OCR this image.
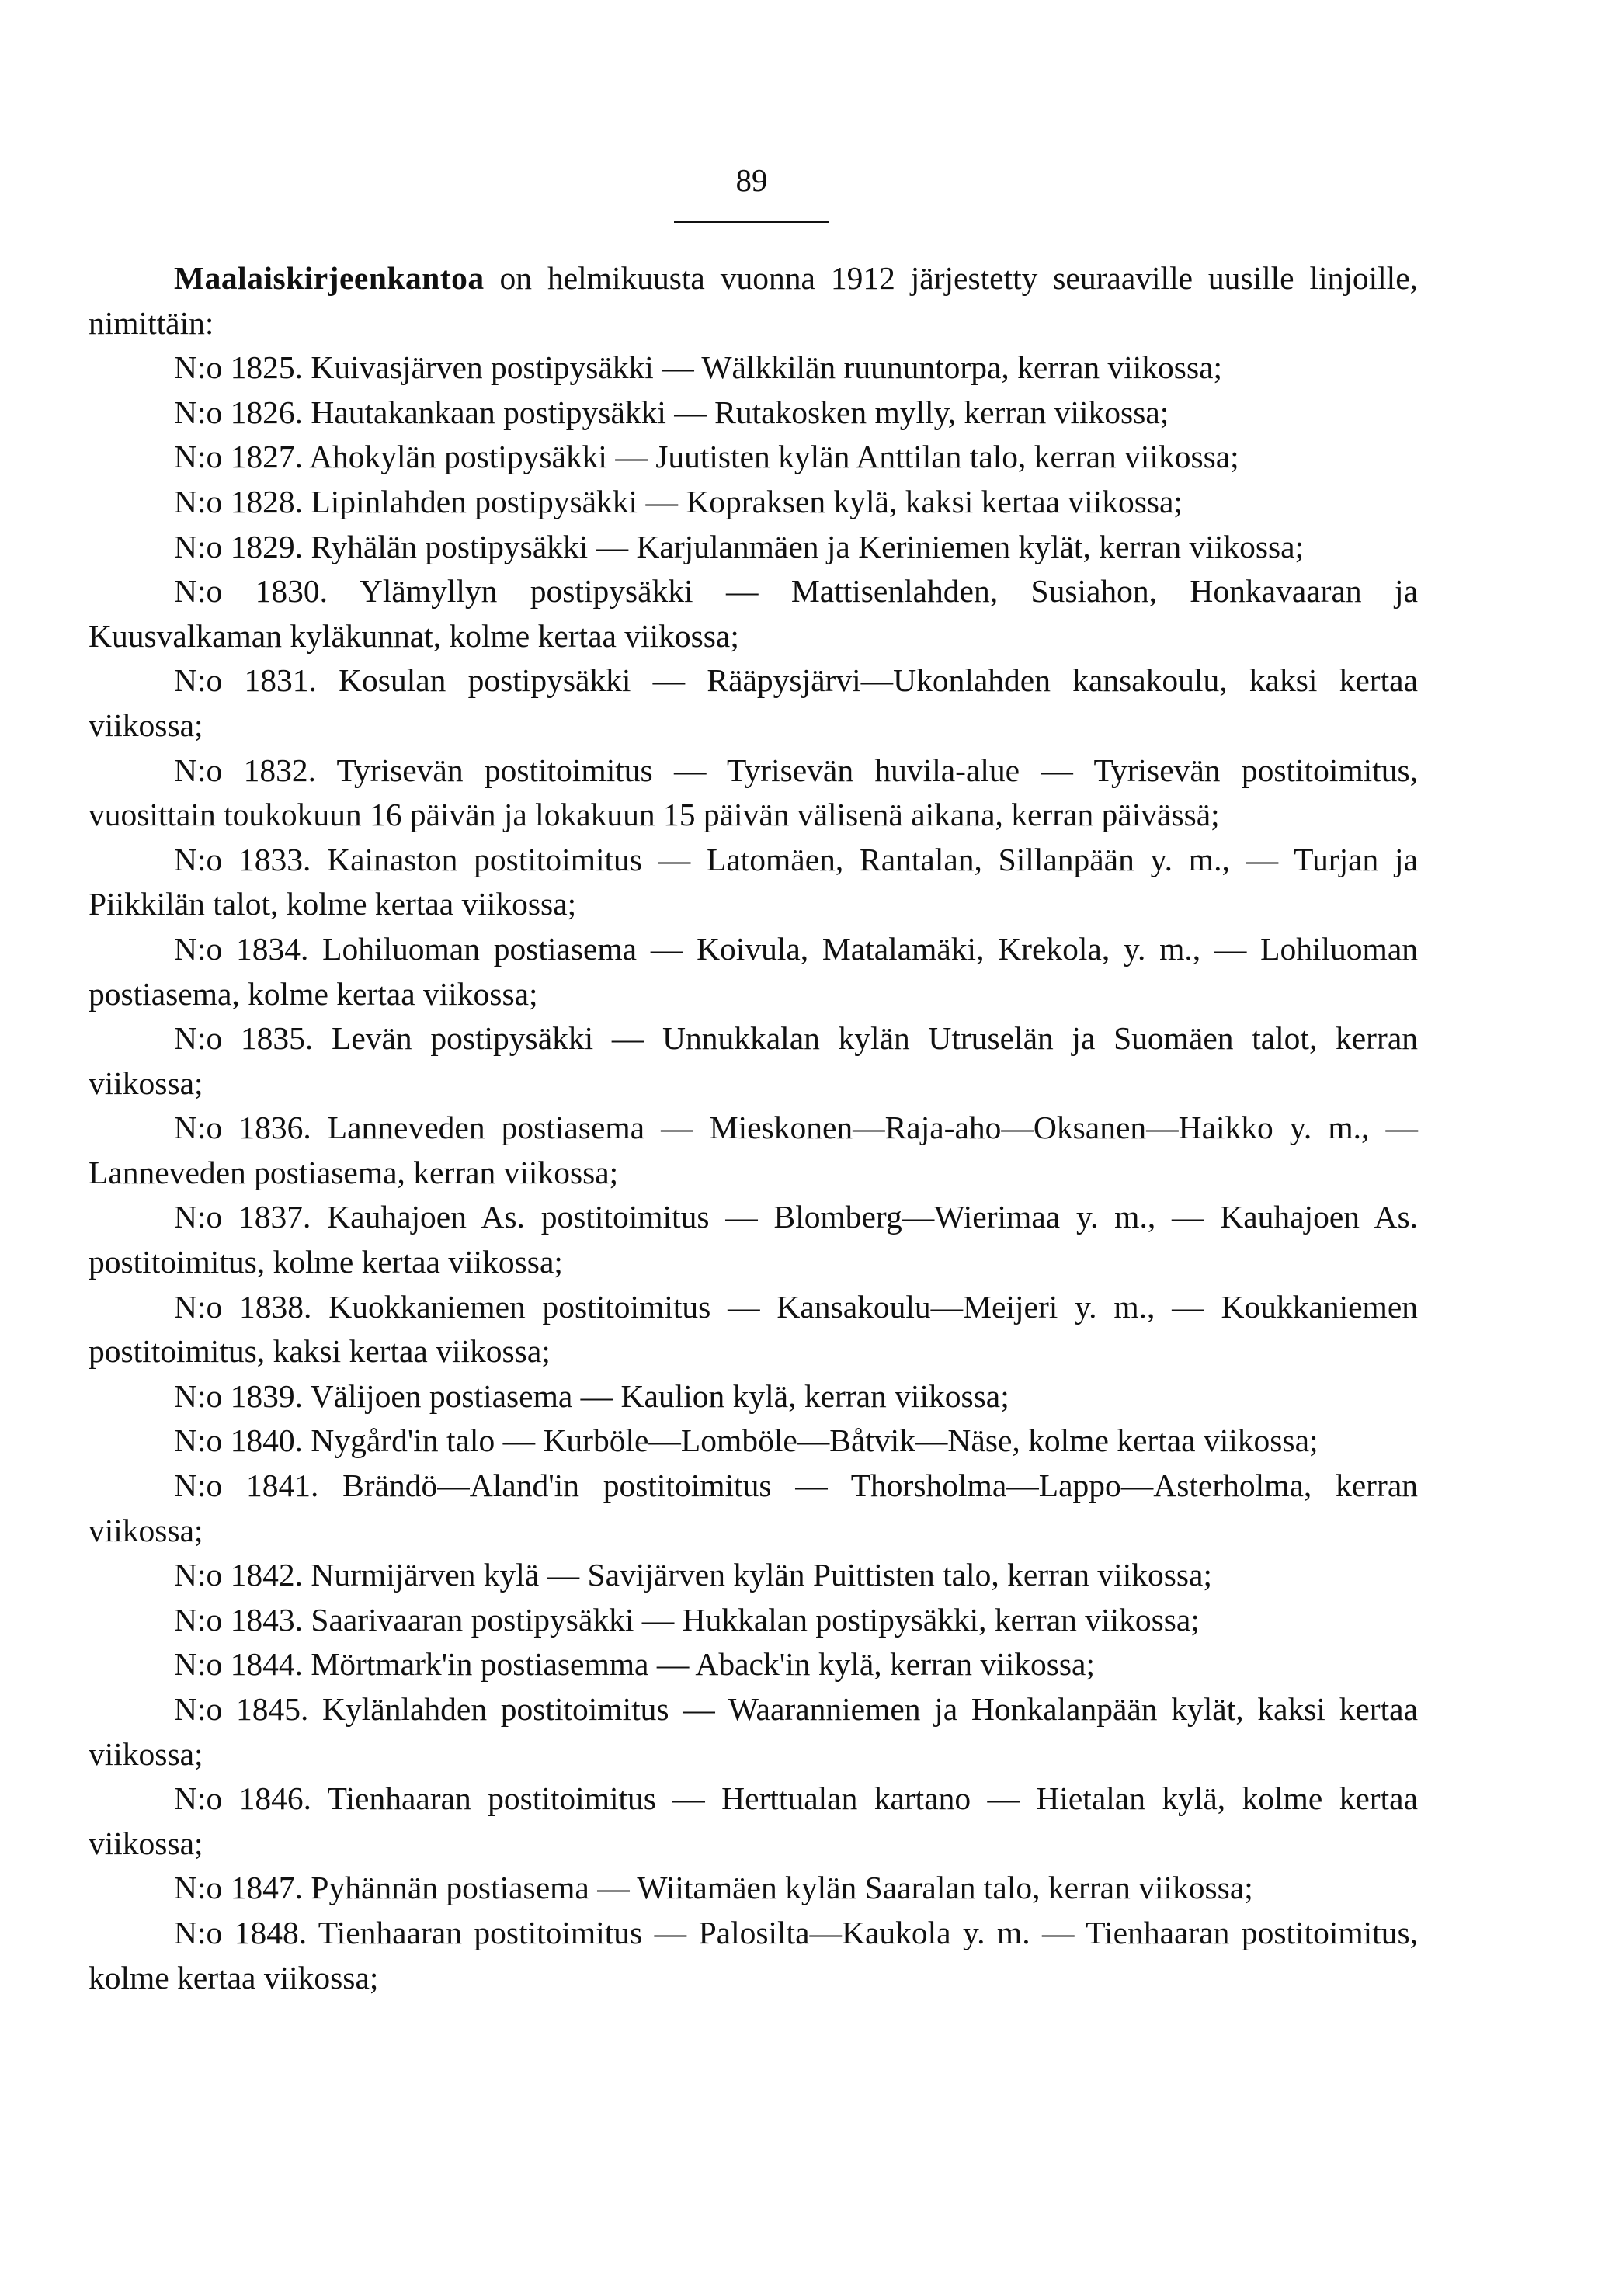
89

Maalaiskirjeenkantoa on helmikuusta vuonna 1912 järjestetty seuraaville uusille linjoille, nimittäin:

N:o 1825. Kuivasjärven postipysäkki — Wälkkilän ruununtorpa, kerran viikossa;

N:o 1826. Hautakankaan postipysäkki — Rutakosken mylly, kerran viikossa;

N:o 1827. Ahokylän postipysäkki — Juutisten kylän Anttilan talo, kerran viikossa;

N:o 1828. Lipinlahden postipysäkki — Kopraksen kylä, kaksi kertaa viikossa;

N:o 1829. Ryhälän postipysäkki — Karjulanmäen ja Keriniemen kylät, kerran viikossa;

N:o 1830. Ylämyllyn postipysäkki — Mattisenlahden, Susiahon, Honkavaaran ja Kuusvalkaman kyläkunnat, kolme kertaa viikossa;

N:o 1831. Kosulan postipysäkki — Rääpysjärvi—Ukonlahden kansakoulu, kaksi kertaa viikossa;

N:o 1832. Tyrisevän postitoimitus — Tyrisevän huvila-alue — Tyrisevän postitoimitus, vuosittain toukokuun 16 päivän ja lokakuun 15 päivän välisenä aikana, kerran päivässä;

N:o 1833. Kainaston postitoimitus — Latomäen, Rantalan, Sillanpään y. m., — Turjan ja Piikkilän talot, kolme kertaa viikossa;

N:o 1834. Lohiluoman postiasema — Koivula, Matalamäki, Krekola, y. m., — Lohiluoman postiasema, kolme kertaa viikossa;

N:o 1835. Levän postipysäkki — Unnukkalan kylän Utruselän ja Suomäen talot, kerran viikossa;

N:o 1836. Lanneveden postiasema — Mieskonen—Raja-aho—Oksanen—Haikko y. m., — Lanneveden postiasema, kerran viikossa;

N:o 1837. Kauhajoen As. postitoimitus — Blomberg—Wierimaa y. m., — Kauhajoen As. postitoimitus, kolme kertaa viikossa;

N:o 1838. Kuokkaniemen postitoimitus — Kansakoulu—Meijeri y. m., — Koukkaniemen postitoimitus, kaksi kertaa viikossa;

N:o 1839. Välijoen postiasema — Kaulion kylä, kerran viikossa;

N:o 1840. Nygård'in talo — Kurböle—Lomböle—Båtvik—Näse, kolme kertaa viikossa;

N:o 1841. Brändö—Aland'in postitoimitus — Thorsholma—Lappo—Asterholma, kerran viikossa;

N:o 1842. Nurmijärven kylä — Savijärven kylän Puittisten talo, kerran viikossa;

N:o 1843. Saarivaaran postipysäkki — Hukkalan postipysäkki, kerran viikossa;

N:o 1844. Mörtmark'in postiasemma — Aback'in kylä, kerran viikossa;

N:o 1845. Kylänlahden postitoimitus — Waaranniemen ja Honkalanpään kylät, kaksi kertaa viikossa;

N:o 1846. Tienhaaran postitoimitus — Herttualan kartano — Hietalan kylä, kolme kertaa viikossa;

N:o 1847. Pyhännän postiasema — Wiitamäen kylän Saaralan talo, kerran viikossa;

N:o 1848. Tienhaaran postitoimitus — Palosilta—Kaukola y. m. — Tienhaaran postitoimitus, kolme kertaa viikossa;
